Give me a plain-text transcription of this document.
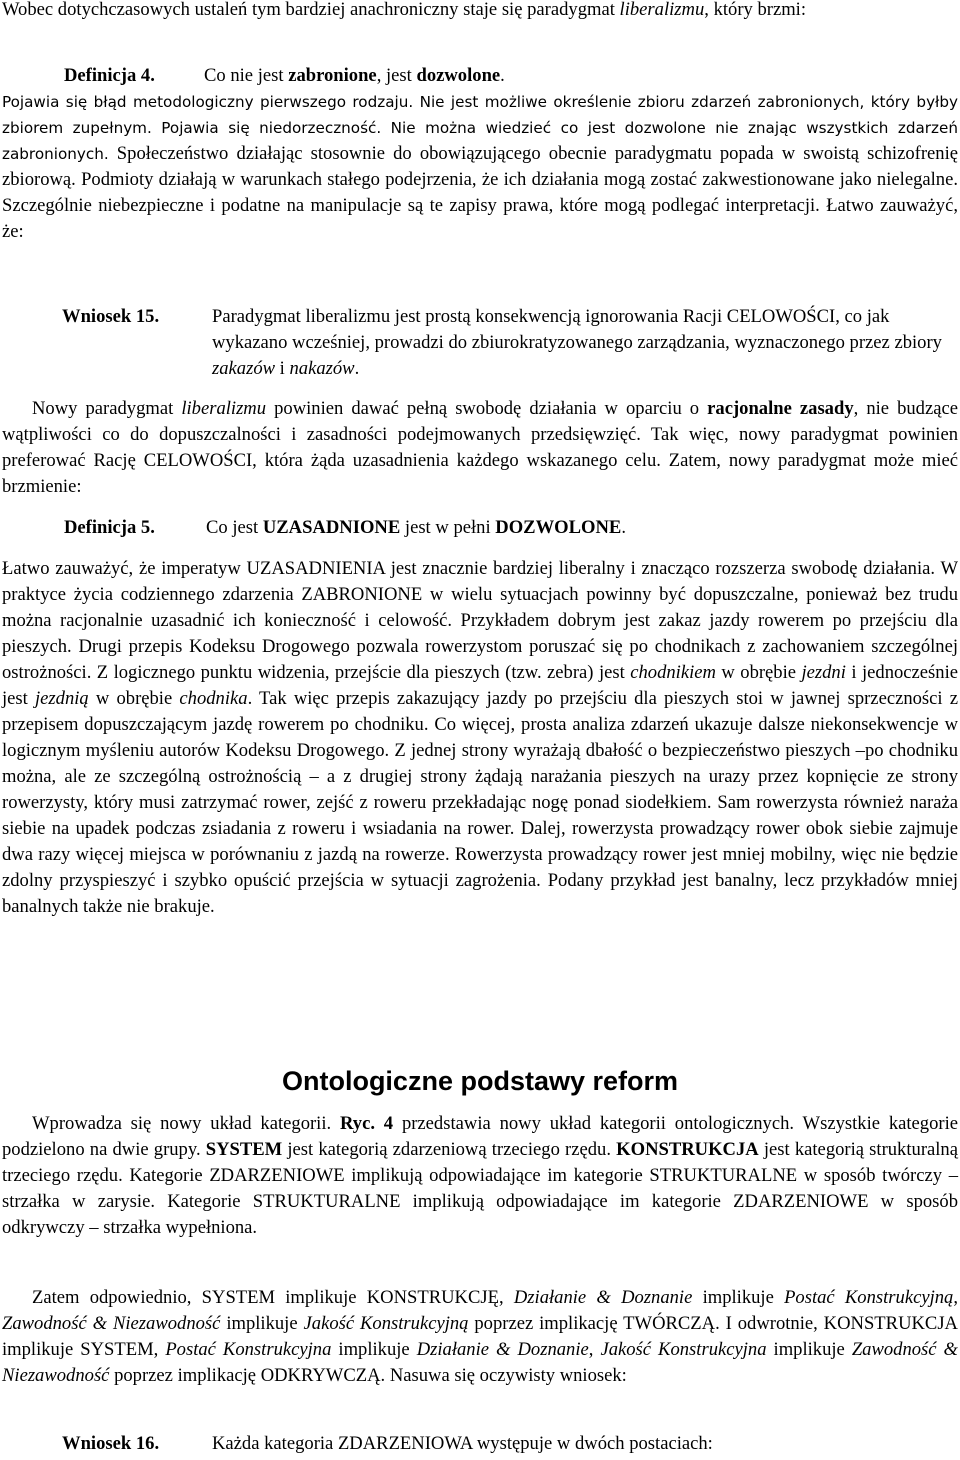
Wobec dotychczasowych ustaleń tym bardziej anachroniczny staje się paradygmat liberalizmu, który brzmi:

Definicja 4.	Co nie jest zabronione, jest dozwolone.

Pojawia się błąd metodologiczny pierwszego rodzaju. Nie jest możliwe określenie zbioru zdarzeń zabronionych, który byłby zbiorem zupełnym. Pojawia się niedorzeczność. Nie można wiedzieć co jest dozwolone nie znając wszystkich zdarzeń zabronionych. Społeczeństwo działając stosownie do obowiązującego obecnie paradygmatu popada w swoistą schizofrenię zbiorową. Podmioty działają w warunkach stałego podejrzenia, że ich działania mogą zostać zakwestionowane jako nielegalne. Szczególnie niebezpieczne i podatne na manipulacje są te zapisy prawa, które mogą podlegać interpretacji. Łatwo zauważyć, że:

Wniosek 15.	Paradygmat liberalizmu jest prostą konsekwencją ignorowania Racji CELOWOŚCI, co jak wykazano wcześniej, prowadzi do zbiurokratyzowanego zarządzania, wyznaczonego przez zbiory zakazów i nakazów.

Nowy paradygmat liberalizmu powinien dawać pełną swobodę działania w oparciu o racjonalne zasady, nie budzące wątpliwości co do dopuszczalności i zasadności podejmowanych przedsięwzięć. Tak więc, nowy paradygmat powinien preferować Rację CELOWOŚCI, która żąda uzasadnienia każdego wskazanego celu. Zatem, nowy paradygmat może mieć brzmienie:

Definicja 5.	Co jest UZASADNIONE jest w pełni DOZWOLONE.

Łatwo zauważyć, że imperatyw UZASADNIENIA jest znacznie bardziej liberalny i znacząco rozszerza swobodę działania. W praktyce życia codziennego zdarzenia ZABRONIONE w wielu sytuacjach powinny być dopuszczalne, ponieważ bez trudu można racjonalnie uzasadnić ich konieczność i celowość. Przykładem dobrym jest zakaz jazdy rowerem po przejściu dla pieszych. Drugi przepis Kodeksu Drogowego pozwala rowerzystom poruszać się po chodnikach z zachowaniem szczególnej ostrożności. Z logicznego punktu widzenia, przejście dla pieszych (tzw. zebra) jest chodnikiem w obrębie jezdni i jednocześnie jest jezdnią w obrębie chodnika. Tak więc przepis zakazujący jazdy po przejściu dla pieszych stoi w jawnej sprzeczności z przepisem dopuszczającym jazdę rowerem po chodniku. Co więcej, prosta analiza zdarzeń ukazuje dalsze niekonsekwencje w logicznym myśleniu autorów Kodeksu Drogowego. Z jednej strony wyrażają dbałość o bezpieczeństwo pieszych –po chodniku można, ale ze szczególną ostrożnością – a z drugiej strony żądają narażania pieszych na urazy przez kopnięcie ze strony rowerzysty, który musi zatrzymać rower, zejść z roweru przekładając nogę ponad siodełkiem. Sam rowerzysta również naraża siebie na upadek podczas zsiadania z roweru i wsiadania na rower. Dalej, rowerzysta prowadzący rower obok siebie zajmuje dwa razy więcej miejsca w porównaniu z jazdą na rowerze. Rowerzysta prowadzący rower jest mniej mobilny, więc nie będzie zdolny przyspieszyć i szybko opuścić przejścia w sytuacji zagrożenia. Podany przykład jest banalny, lecz przykładów mniej banalnych także nie brakuje.

Ontologiczne podstawy reform

Wprowadza się nowy układ kategorii. Ryc. 4 przedstawia nowy układ kategorii ontologicznych. Wszystkie kategorie podzielono na dwie grupy. SYSTEM jest kategorią zdarzeniową trzeciego rzędu. KONSTRUKCJA jest kategorią strukturalną trzeciego rzędu. Kategorie ZDARZENIOWE implikują odpowiadające im kategorie STRUKTURALNE w sposób twórczy – strzałka w zarysie. Kategorie STRUKTURALNE implikują odpowiadające im kategorie ZDARZENIOWE w sposób odkrywczy – strzałka wypełniona.

Zatem odpowiednio, SYSTEM implikuje KONSTRUKCJĘ, Działanie & Doznanie implikuje Postać Konstrukcyjną, Zawodność & Niezawodność implikuje Jakość Konstrukcyjną poprzez implikację TWÓRCZĄ. I odwrotnie, KONSTRUKCJA implikuje SYSTEM, Postać Konstrukcyjna implikuje Działanie & Doznanie, Jakość Konstrukcyjna implikuje Zawodność & Niezawodność poprzez implikację ODKRYWCZĄ. Nasuwa się oczywisty wniosek:

Wniosek 16.	Każda kategoria ZDARZENIOWA występuje w dwóch postaciach:
